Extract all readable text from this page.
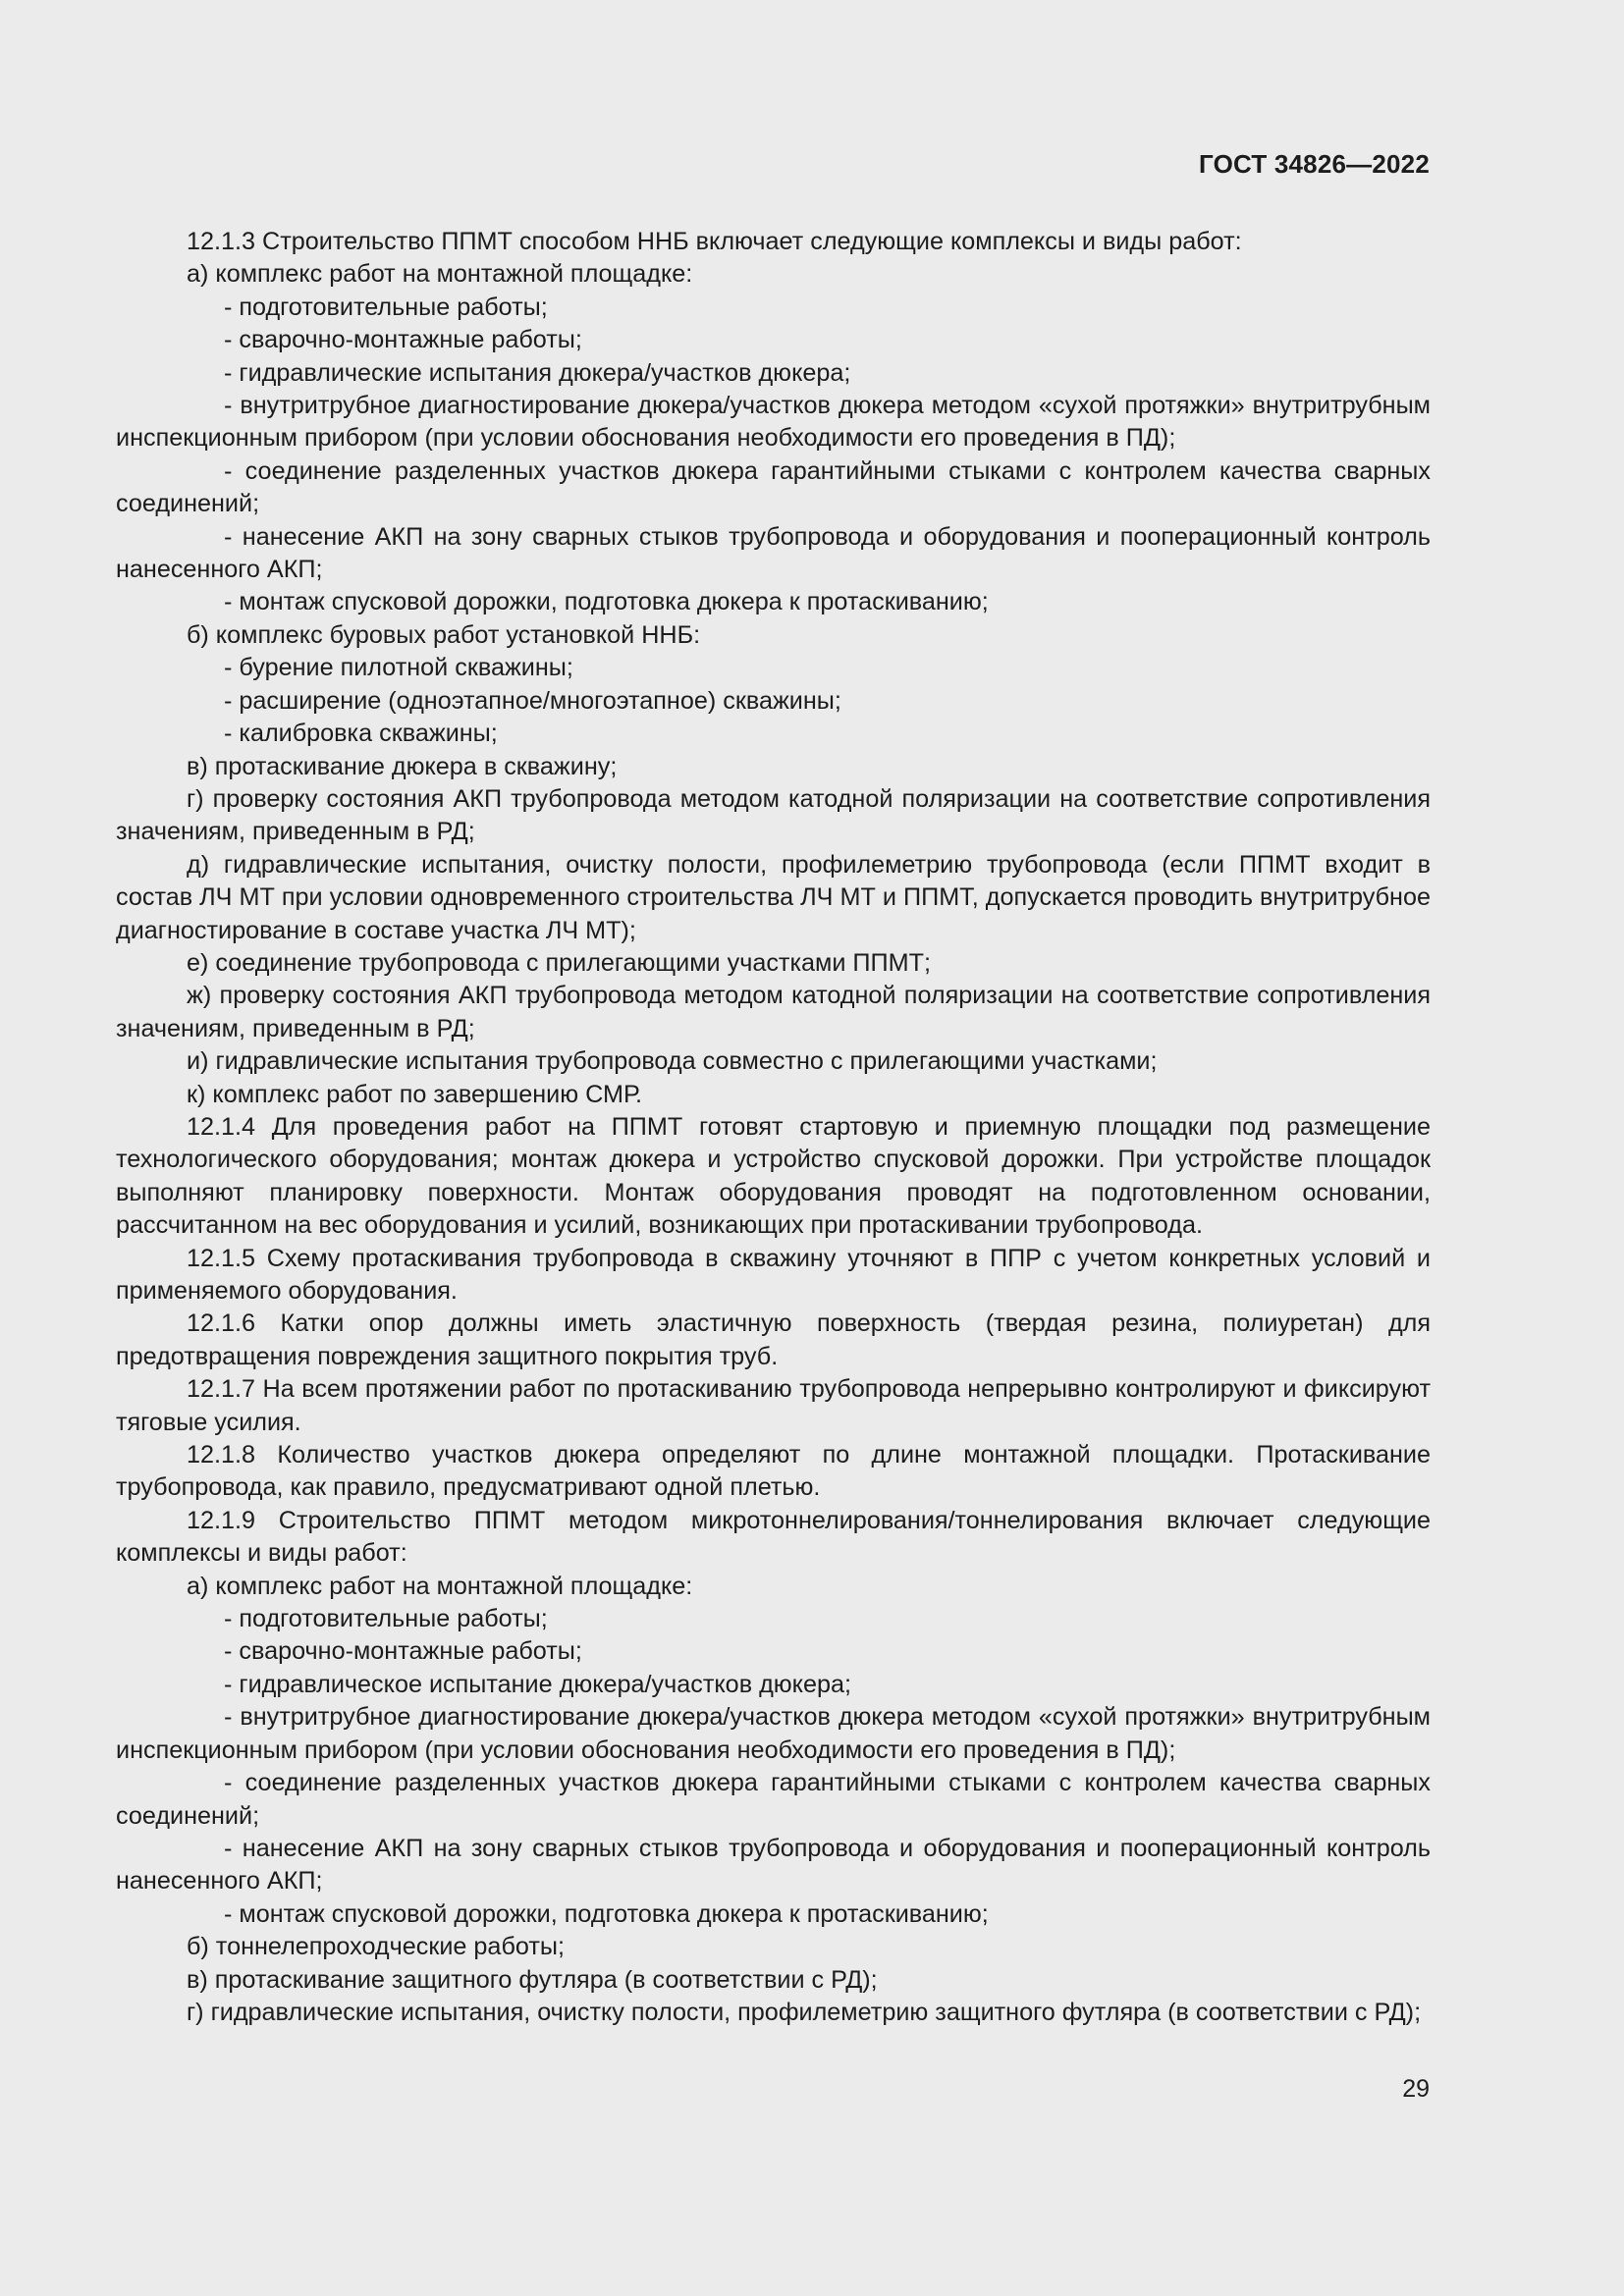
ГОСТ 34826—2022

12.1.3 Строительство ППМТ способом ННБ включает следующие комплексы и виды работ:

а) комплекс работ на монтажной площадке:

- подготовительные работы;

- сварочно-монтажные работы;

- гидравлические испытания дюкера/участков дюкера;

- внутритрубное диагностирование дюкера/участков дюкера методом «сухой протяжки» внутритрубным инспекционным прибором (при условии обоснования необходимости его проведения в ПД);

- соединение разделенных участков дюкера гарантийными стыками с контролем качества сварных соединений;

- нанесение АКП на зону сварных стыков трубопровода и оборудования и пооперационный контроль нанесенного АКП;

- монтаж спусковой дорожки, подготовка дюкера к протаскиванию;

б) комплекс буровых работ установкой ННБ:

- бурение пилотной скважины;

- расширение (одноэтапное/многоэтапное) скважины;

- калибровка скважины;

в) протаскивание дюкера в скважину;

г) проверку состояния АКП трубопровода методом катодной поляризации на соответствие сопротивления значениям, приведенным в РД;

д) гидравлические испытания, очистку полости, профилеметрию трубопровода (если ППМТ входит в состав ЛЧ МТ при условии одновременного строительства ЛЧ МТ и ППМТ, допускается проводить внутритрубное диагностирование в составе участка ЛЧ МТ);

е) соединение трубопровода с прилегающими участками ППМТ;

ж) проверку состояния АКП трубопровода методом катодной поляризации на соответствие сопротивления значениям, приведенным в РД;

и) гидравлические испытания трубопровода совместно с прилегающими участками;

к) комплекс работ по завершению СМР.

12.1.4 Для проведения работ на ППМТ готовят стартовую и приемную площадки под размещение технологического оборудования; монтаж дюкера и устройство спусковой дорожки. При устройстве площадок выполняют планировку поверхности. Монтаж оборудования проводят на подготовленном основании, рассчитанном на вес оборудования и усилий, возникающих при протаскивании трубопровода.

12.1.5 Схему протаскивания трубопровода в скважину уточняют в ППР с учетом конкретных условий и применяемого оборудования.

12.1.6 Катки опор должны иметь эластичную поверхность (твердая резина, полиуретан) для предотвращения повреждения защитного покрытия труб.

12.1.7 На всем протяжении работ по протаскиванию трубопровода непрерывно контролируют и фиксируют тяговые усилия.

12.1.8 Количество участков дюкера определяют по длине монтажной площадки. Протаскивание трубопровода, как правило, предусматривают одной плетью.

12.1.9 Строительство ППМТ методом микротоннелирования/тоннелирования включает следующие комплексы и виды работ:

а) комплекс работ на монтажной площадке:

- подготовительные работы;

- сварочно-монтажные работы;

- гидравлическое испытание дюкера/участков дюкера;

- внутритрубное диагностирование дюкера/участков дюкера методом «сухой протяжки» внутритрубным инспекционным прибором (при условии обоснования необходимости его проведения в ПД);

- соединение разделенных участков дюкера гарантийными стыками с контролем качества сварных соединений;

- нанесение АКП на зону сварных стыков трубопровода и оборудования и пооперационный контроль нанесенного АКП;

- монтаж спусковой дорожки, подготовка дюкера к протаскиванию;

б) тоннелепроходческие работы;

в) протаскивание защитного футляра (в соответствии с РД);

г) гидравлические испытания, очистку полости, профилеметрию защитного футляра (в соответствии с РД);

29
